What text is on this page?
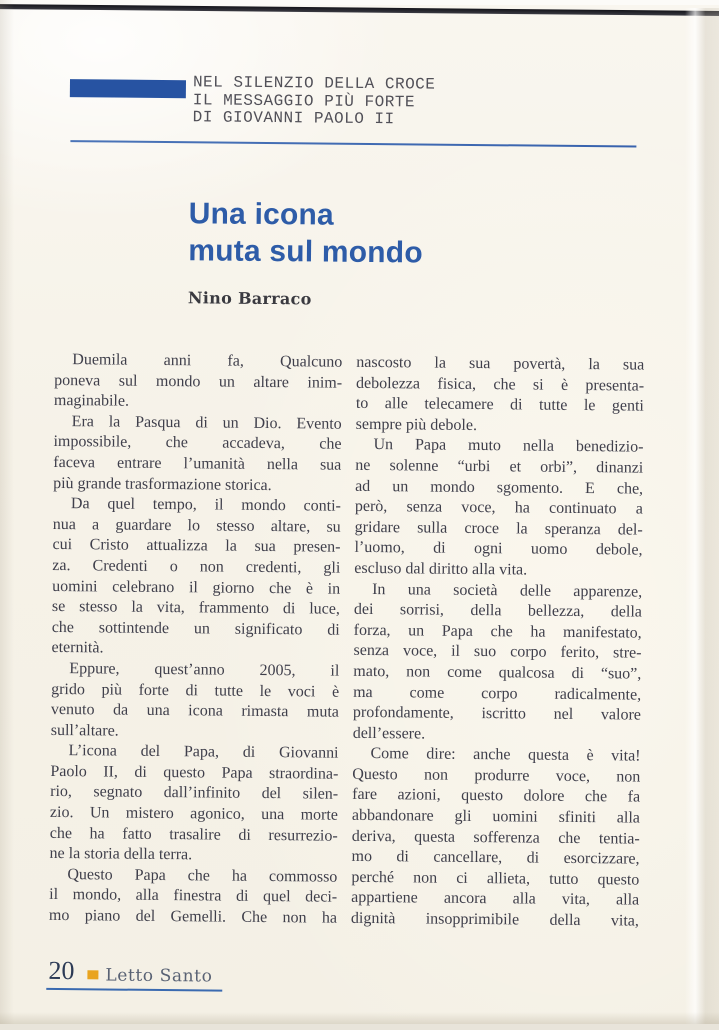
NEL SILENZIO DELLA CROCE
IL MESSAGGIO PIÙ FORTE
DI GIOVANNI PAOLO II
Una icona
muta sul mondo
Nino Barraco
Duemila anni fa, Qualcuno
poneva sul mondo un altare inim-
maginabile.
Era la Pasqua di un Dio. Evento
impossibile, che accadeva, che
faceva entrare l’umanità nella sua
più grande trasformazione storica.
Da quel tempo, il mondo conti-
nua a guardare lo stesso altare, su
cui Cristo attualizza la sua presen-
za. Credenti o non credenti, gli
uomini celebrano il giorno che è in
se stesso la vita, frammento di luce,
che sottintende un significato di
eternità.
Eppure, quest’anno 2005, il
grido più forte di tutte le voci è
venuto da una icona rimasta muta
sull’altare.
L’icona del Papa, di Giovanni
Paolo II, di questo Papa straordina-
rio, segnato dall’infinito del silen-
zio. Un mistero agonico, una morte
che ha fatto trasalire di resurrezio-
ne la storia della terra.
Questo Papa che ha commosso
il mondo, alla finestra di quel deci-
mo piano del Gemelli. Che non ha
nascosto la sua povertà, la sua
debolezza fisica, che si è presenta-
to alle telecamere di tutte le genti
sempre più debole.
Un Papa muto nella benedizio-
ne solenne “urbi et orbi”, dinanzi
ad un mondo sgomento. E che,
però, senza voce, ha continuato a
gridare sulla croce la speranza del-
l’uomo, di ogni uomo debole,
escluso dal diritto alla vita.
In una società delle apparenze,
dei sorrisi, della bellezza, della
forza, un Papa che ha manifestato,
senza voce, il suo corpo ferito, stre-
mato, non come qualcosa di “suo”,
ma come corpo radicalmente,
profondamente, iscritto nel valore
dell’essere.
Come dire: anche questa è vita!
Questo non produrre voce, non
fare azioni, questo dolore che fa
abbandonare gli uomini sfiniti alla
deriva, questa sofferenza che tentia-
mo di cancellare, di esorcizzare,
perché non ci allieta, tutto questo
appartiene ancora alla vita, alla
dignità insopprimibile della vita,
20 Letto Santo
